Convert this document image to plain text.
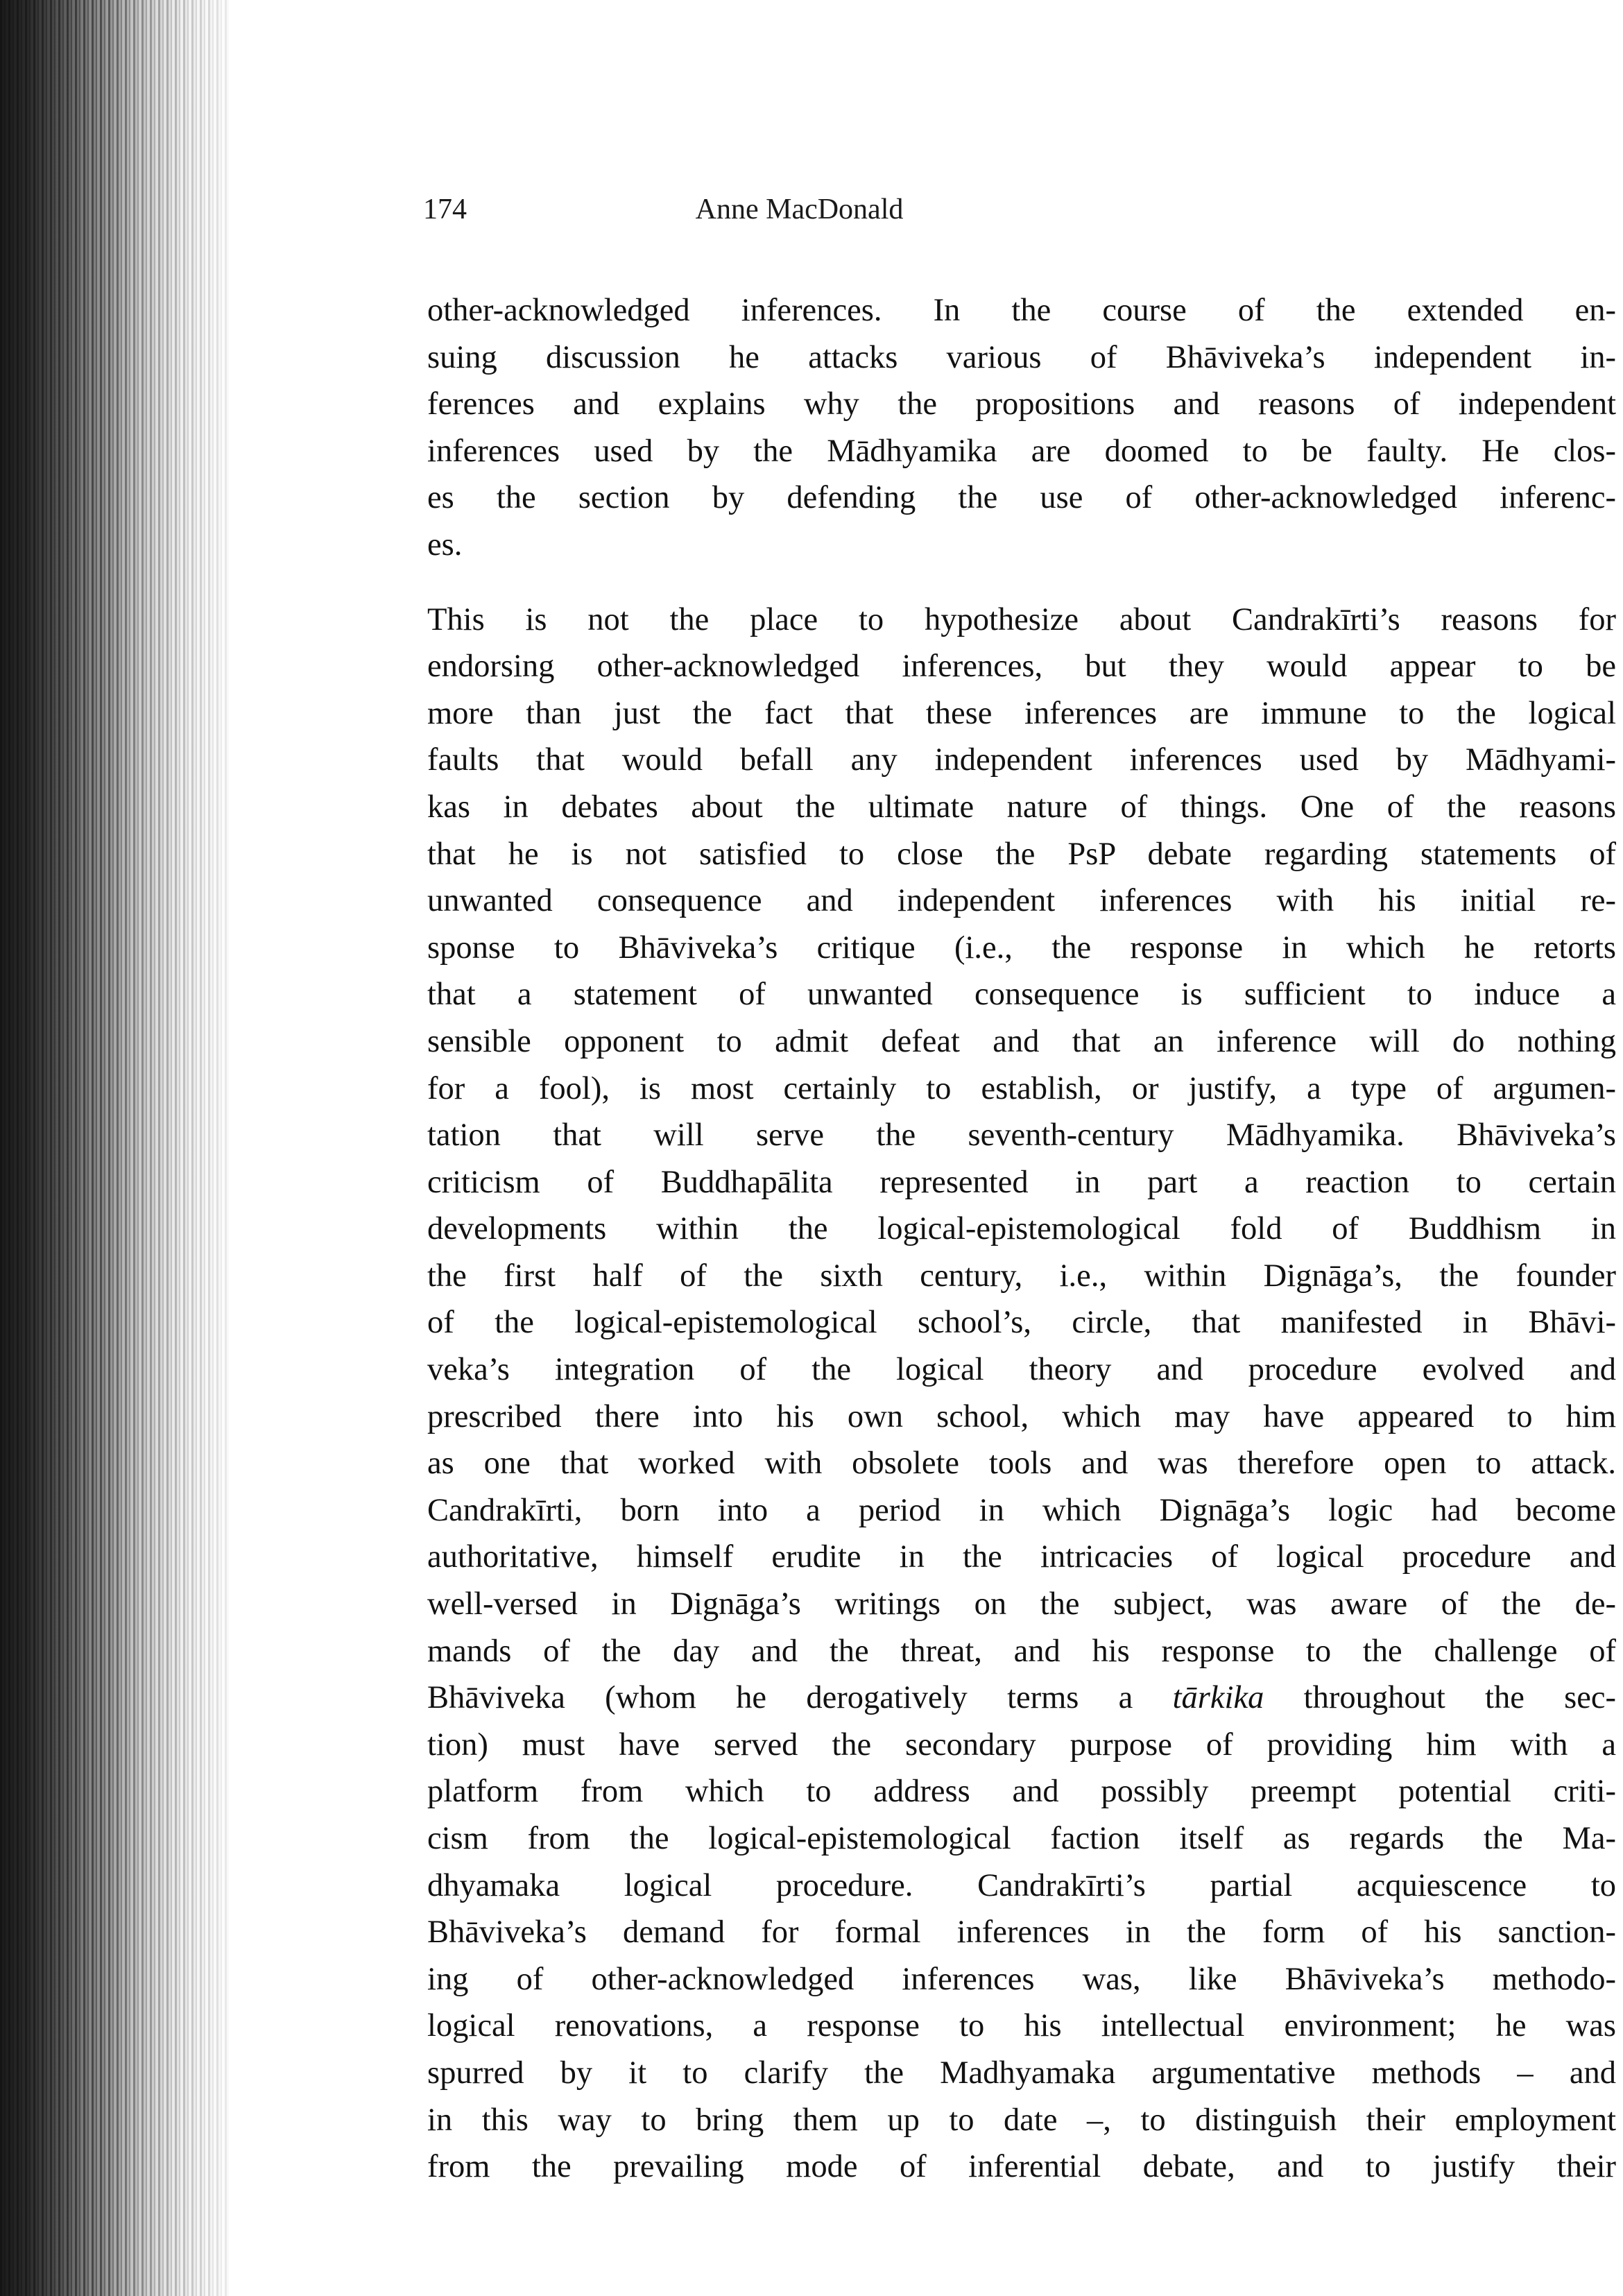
174	Anne MacDonald

other-acknowledged inferences. In the course of the extended en-
suing discussion he attacks various of Bhāviveka’s independent in-
ferences and explains why the propositions and reasons of independent
inferences used by the Mādhyamika are doomed to be faulty. He clos-
es the section by defending the use of other-acknowledged inferenc-
es.

This is not the place to hypothesize about Candrakīrti’s reasons for
endorsing other-acknowledged inferences, but they would appear to be
more than just the fact that these inferences are immune to the logical
faults that would befall any independent inferences used by Mādhyami-
kas in debates about the ultimate nature of things. One of the reasons
that he is not satisfied to close the PsP debate regarding statements of
unwanted consequence and independent inferences with his initial re-
sponse to Bhāviveka’s critique (i.e., the response in which he retorts
that a statement of unwanted consequence is sufficient to induce a
sensible opponent to admit defeat and that an inference will do nothing
for a fool), is most certainly to establish, or justify, a type of argumen-
tation that will serve the seventh-century Mādhyamika. Bhāviveka’s
criticism of Buddhapālita represented in part a reaction to certain
developments within the logical-epistemological fold of Buddhism in
the first half of the sixth century, i.e., within Dignāga’s, the founder
of the logical-epistemological school’s, circle, that manifested in Bhāvi-
veka’s integration of the logical theory and procedure evolved and
prescribed there into his own school, which may have appeared to him
as one that worked with obsolete tools and was therefore open to attack.
Candrakīrti, born into a period in which Dignāga’s logic had become
authoritative, himself erudite in the intricacies of logical procedure and
well-versed in Dignāga’s writings on the subject, was aware of the de-
mands of the day and the threat, and his response to the challenge of
Bhāviveka (whom he derogatively terms a tārkika throughout the sec-
tion) must have served the secondary purpose of providing him with a
platform from which to address and possibly preempt potential criti-
cism from the logical-epistemological faction itself as regards the Ma-
dhyamaka logical procedure. Candrakīrti’s partial acquiescence to
Bhāviveka’s demand for formal inferences in the form of his sanction-
ing of other-acknowledged inferences was, like Bhāviveka’s methodo-
logical renovations, a response to his intellectual environment; he was
spurred by it to clarify the Madhyamaka argumentative methods – and
in this way to bring them up to date –, to distinguish their employment
from the prevailing mode of inferential debate, and to justify their
